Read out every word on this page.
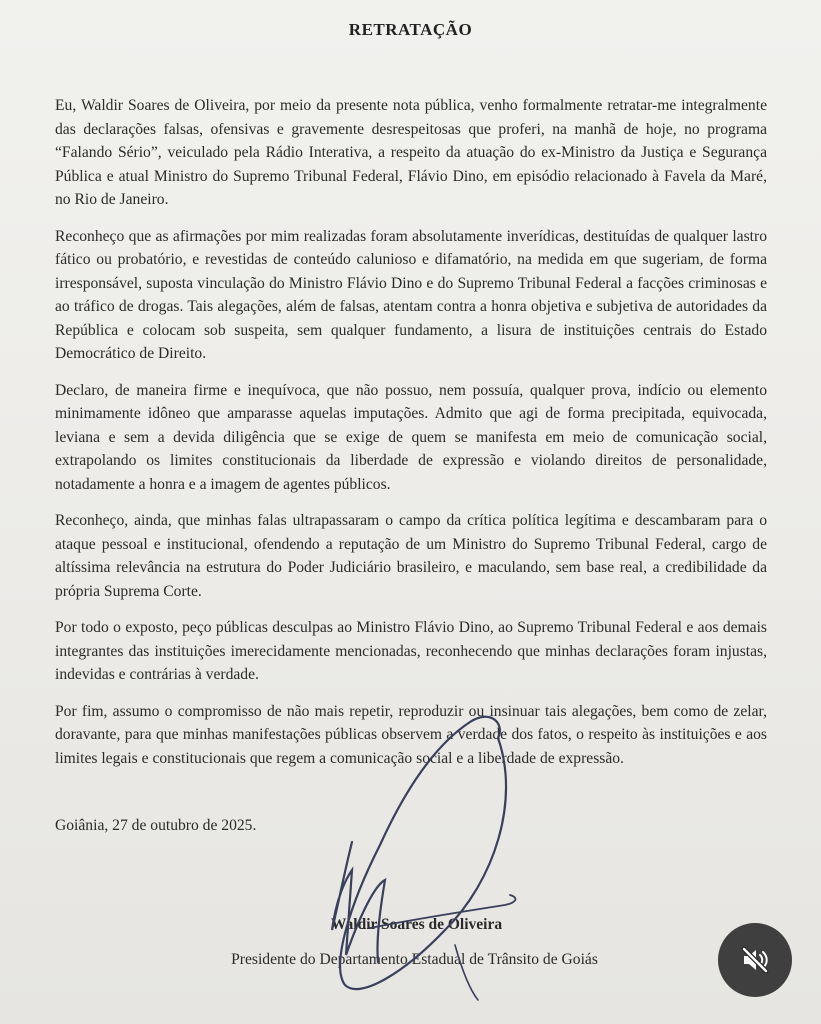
RETRATAÇÃO

Eu, Waldir Soares de Oliveira, por meio da presente nota pública, venho formalmente retratar-me integralmente das declarações falsas, ofensivas e gravemente desrespeitosas que proferi, na manhã de hoje, no programa “Falando Sério”, veiculado pela Rádio Interativa, a respeito da atuação do ex-Ministro da Justiça e Segurança Pública e atual Ministro do Supremo Tribunal Federal, Flávio Dino, em episódio relacionado à Favela da Maré, no Rio de Janeiro.

Reconheço que as afirmações por mim realizadas foram absolutamente inverídicas, destituídas de qualquer lastro fático ou probatório, e revestidas de conteúdo calunioso e difamatório, na medida em que sugeriam, de forma irresponsável, suposta vinculação do Ministro Flávio Dino e do Supremo Tribunal Federal a facções criminosas e ao tráfico de drogas. Tais alegações, além de falsas, atentam contra a honra objetiva e subjetiva de autoridades da República e colocam sob suspeita, sem qualquer fundamento, a lisura de instituições centrais do Estado Democrático de Direito.

Declaro, de maneira firme e inequívoca, que não possuo, nem possuía, qualquer prova, indício ou elemento minimamente idôneo que amparasse aquelas imputações. Admito que agi de forma precipitada, equivocada, leviana e sem a devida diligência que se exige de quem se manifesta em meio de comunicação social, extrapolando os limites constitucionais da liberdade de expressão e violando direitos de personalidade, notadamente a honra e a imagem de agentes públicos.

Reconheço, ainda, que minhas falas ultrapassaram o campo da crítica política legítima e descambaram para o ataque pessoal e institucional, ofendendo a reputação de um Ministro do Supremo Tribunal Federal, cargo de altíssima relevância na estrutura do Poder Judiciário brasileiro, e maculando, sem base real, a credibilidade da própria Suprema Corte.

Por todo o exposto, peço públicas desculpas ao Ministro Flávio Dino, ao Supremo Tribunal Federal e aos demais integrantes das instituições imerecidamente mencionadas, reconhecendo que minhas declarações foram injustas, indevidas e contrárias à verdade.

Por fim, assumo o compromisso de não mais repetir, reproduzir ou insinuar tais alegações, bem como de zelar, doravante, para que minhas manifestações públicas observem a verdade dos fatos, o respeito às instituições e aos limites legais e constitucionais que regem a comunicação social e a liberdade de expressão.

Goiânia, 27 de outubro de 2025.
Waldir Soares de Oliveira
Presidente do Departamento Estadual de Trânsito de Goiás
